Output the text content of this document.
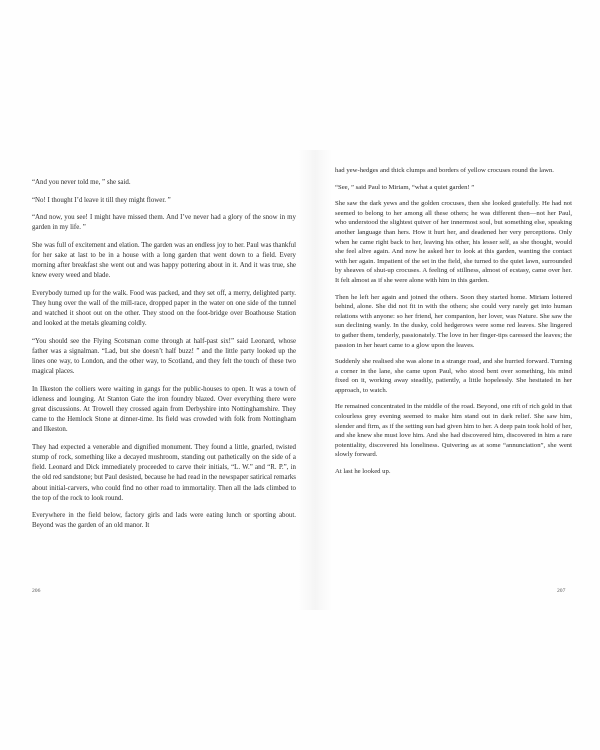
“And you never told me, ” she said.

“No! I thought I’d leave it till they might flower. ”

“And now, you see! I might have missed them. And I’ve never had a glory of the snow in my garden in my life. ”

She was full of excitement and elation. The garden was an endless joy to her. Paul was thankful for her sake at last to be in a house with a long garden that went down to a field. Every morning after breakfast she went out and was happy pottering about in it. And it was true, she knew every weed and blade.

Everybody turned up for the walk. Food was packed, and they set off, a merry, delighted party. They hung over the wall of the mill-race, dropped paper in the water on one side of the tunnel and watched it shoot out on the other. They stood on the foot-bridge over Boathouse Station and looked at the metals gleaming coldly.

“You should see the Flying Scotsman come through at half-past six!” said Leonard, whose father was a signalman. “Lad, but she doesn’t half buzz! ” and the little party looked up the lines one way, to London, and the other way, to Scotland, and they felt the touch of these two magical places.

In Ilkeston the colliers were waiting in gangs for the public-houses to open. It was a town of idleness and lounging. At Stanton Gate the iron foundry blazed. Over everything there were great discussions. At Trowell they crossed again from Derbyshire into Nottinghamshire. They came to the Hemlock Stone at dinner-time. Its field was crowded with folk from Nottingham and Ilkeston.

They had expected a venerable and dignified monument. They found a little, gnarled, twisted stump of rock, something like a decayed mushroom, standing out pathetically on the side of a field. Leonard and Dick immediately proceeded to carve their initials, “L. W.” and “R. P.”, in the old red sandstone; but Paul desisted, because he had read in the newspaper satirical remarks about initial-carvers, who could find no other road to immortality. Then all the lads climbed to the top of the rock to look round.

Everywhere in the field below, factory girls and lads were eating lunch or sporting about. Beyond was the garden of an old manor. It

had yew-hedges and thick clumps and borders of yellow crocuses round the lawn.

“See, ” said Paul to Miriam, “what a quiet garden! ”

She saw the dark yews and the golden crocuses, then she looked gratefully. He had not seemed to belong to her among all these others; he was different then—not her Paul, who understood the slightest quiver of her innermost soul, but something else, speaking another language than hers. How it hurt her, and deadened her very perceptions. Only when he came right back to her, leaving his other, his lesser self, as she thought, would she feel alive again. And now he asked her to look at this garden, wanting the contact with her again. Impatient of the set in the field, she turned to the quiet lawn, surrounded by sheaves of shut-up crocuses. A feeling of stillness, almost of ecstasy, came over her. It felt almost as if she were alone with him in this garden.

Then he left her again and joined the others. Soon they started home. Miriam loitered behind, alone. She did not fit in with the others; she could very rarely get into human relations with anyone: so her friend, her companion, her lover, was Nature. She saw the sun declining wanly. In the dusky, cold hedgerows were some red leaves. She lingered to gather them, tenderly, passionately. The love in her finger-tips caressed the leaves; the passion in her heart came to a glow upon the leaves.

Suddenly she realised she was alone in a strange road, and she hurried forward. Turning a corner in the lane, she came upon Paul, who stood bent over something, his mind fixed on it, working away steadily, patiently, a little hopelessly. She hesitated in her approach, to watch.

He remained concentrated in the middle of the road. Beyond, one rift of rich gold in that colourless grey evening seemed to make him stand out in dark relief. She saw him, slender and firm, as if the setting sun had given him to her. A deep pain took hold of her, and she knew she must love him. And she had discovered him, discovered in him a rare potentiality, discovered his loneliness. Quivering as at some “annunciation”, she went slowly forward.

At last he looked up.

206	207
